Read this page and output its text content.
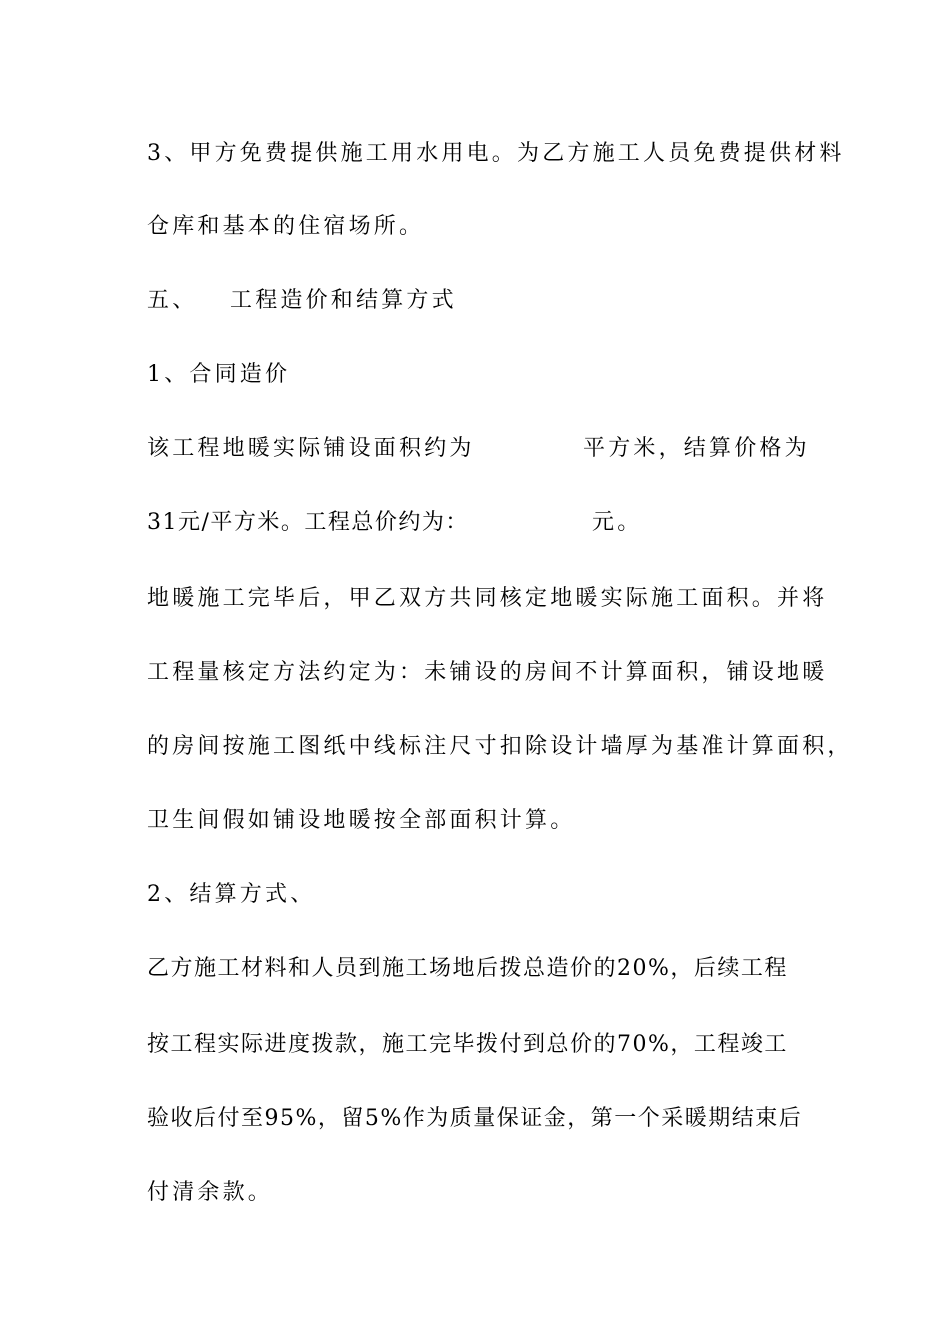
3、甲方免费提供施工用水用电。为乙方施工人员免费提供材料
仓库和基本的住宿场所。
五、 工程造价和结算方式
1、合同造价
该工程地暖实际铺设面积约为	平方米，结算价格为
31元/平方米。工程总价约为：	元。
地暖施工完毕后，甲乙双方共同核定地暖实际施工面积。并将
工程量核定方法约定为：未铺设的房间不计算面积，铺设地暖
的房间按施工图纸中线标注尺寸扣除设计墙厚为基准计算面积，
卫生间假如铺设地暖按全部面积计算。
2、结算方式、
乙方施工材料和人员到施工场地后拨总造价的20%，后续工程
按工程实际进度拨款，施工完毕拨付到总价的70%，工程竣工
验收后付至95%，留5%作为质量保证金，第一个采暖期结束后
付清余款。
